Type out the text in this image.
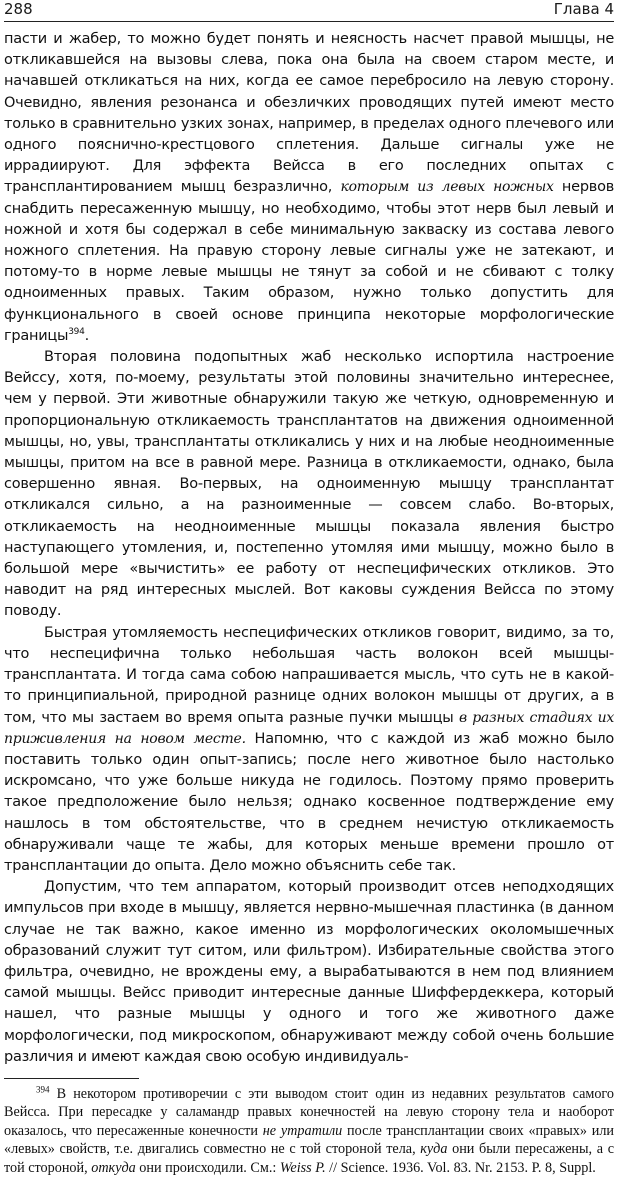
288	Глава 4

пасти и жабер, то можно будет понять и неясность насчет правой мышцы, не откликавшейся на вызовы слева, пока она была на своем старом месте, и начавшей откликаться на них, когда ее самое перебросило на левую сторону. Очевидно, явления резонанса и обезличких проводящих путей имеют место только в сравнительно узких зонах, например, в пределах одного плечевого или одного пояснично-крестцового сплетения. Дальше сигналы уже не иррадиируют. Для эффекта Вейсса в его последних опытах с трансплантированием мышц безразлично, которым из левых ножных нервов снабдить пересаженную мышцу, но необходимо, чтобы этот нерв был левый и ножной и хотя бы содержал в себе минимальную закваску из состава левого ножного сплетения. На правую сторону левые сигналы уже не затекают, и потому-то в норме левые мышцы не тянут за собой и не сбивают с толку одноименных правых. Таким образом, нужно только допустить для функционального в своей основе принципа некоторые морфологические границы$^{394}$.

Вторая половина подопытных жаб несколько испортила настроение Вейссу, хотя, по-моему, результаты этой половины значительно интереснее, чем у первой. Эти животные обнаружили такую же четкую, одновременную и пропорциональную откликаемость трансплантатов на движения одноименной мышцы, но, увы, трансплантаты откликались у них и на любые неодноименные мышцы, притом на все в равной мере. Разница в откликаемости, однако, была совершенно явная. Во-первых, на одноименную мышцу трансплантат откликался сильно, а на разноименные — совсем слабо. Во-вторых, откликаемость на неодноименные мышцы показала явления быстро наступающего утомления, и, постепенно утомляя ими мышцу, можно было в большой мере «вычистить» ее работу от неспецифических откликов. Это наводит на ряд интересных мыслей. Вот каковы суждения Вейсса по этому поводу.

Быстрая утомляемость неспецифических откликов говорит, видимо, за то, что неспецифична только небольшая часть волокон всей мышцы-трансплантата. И тогда сама собою напрашивается мысль, что суть не в какой-то принципиальной, природной разнице одних волокон мышцы от других, а в том, что мы застаем во время опыта разные пучки мышцы в разных стадиях их приживления на новом месте. Напомню, что с каждой из жаб можно было поставить только один опыт-запись; после него животное было настолько искромсано, что уже больше никуда не годилось. Поэтому прямо проверить такое предположение было нельзя; однако косвенное подтверждение ему нашлось в том обстоятельстве, что в среднем нечистую откликаемость обнаруживали чаще те жабы, для которых меньше времени прошло от трансплантации до опыта. Дело можно объяснить себе так.

Допустим, что тем аппаратом, который производит отсев неподходящих импульсов при входе в мышцу, является нервно-мышечная пластинка (в данном случае не так важно, какое именно из морфологических околомышечных образований служит тут ситом, или фильтром). Избирательные свойства этого фильтра, очевидно, не врождены ему, а вырабатываются в нем под влиянием самой мышцы. Вейсс приводит интересные данные Шиффердеккера, который нашел, что разные мышцы у одного и того же животного даже морфологически, под микроскопом, обнаруживают между собой очень большие различия и имеют каждая свою особую индивидуаль-

$^{394}$ В некотором противоречии с эти выводом стоит один из недавних результатов самого Вейсса. При пересадке у саламандр правых конечностей на левую сторону тела и наоборот оказалось, что пересаженные конечности не утратили после трансплантации своих «правых» или «левых» свойств, т.е. двигались совместно не с той стороной тела, куда они были пересажены, а с той стороной, откуда они происходили. См.: Weiss P. // Science. 1936. Vol. 83. Nr. 2153. P. 8, Suppl.
